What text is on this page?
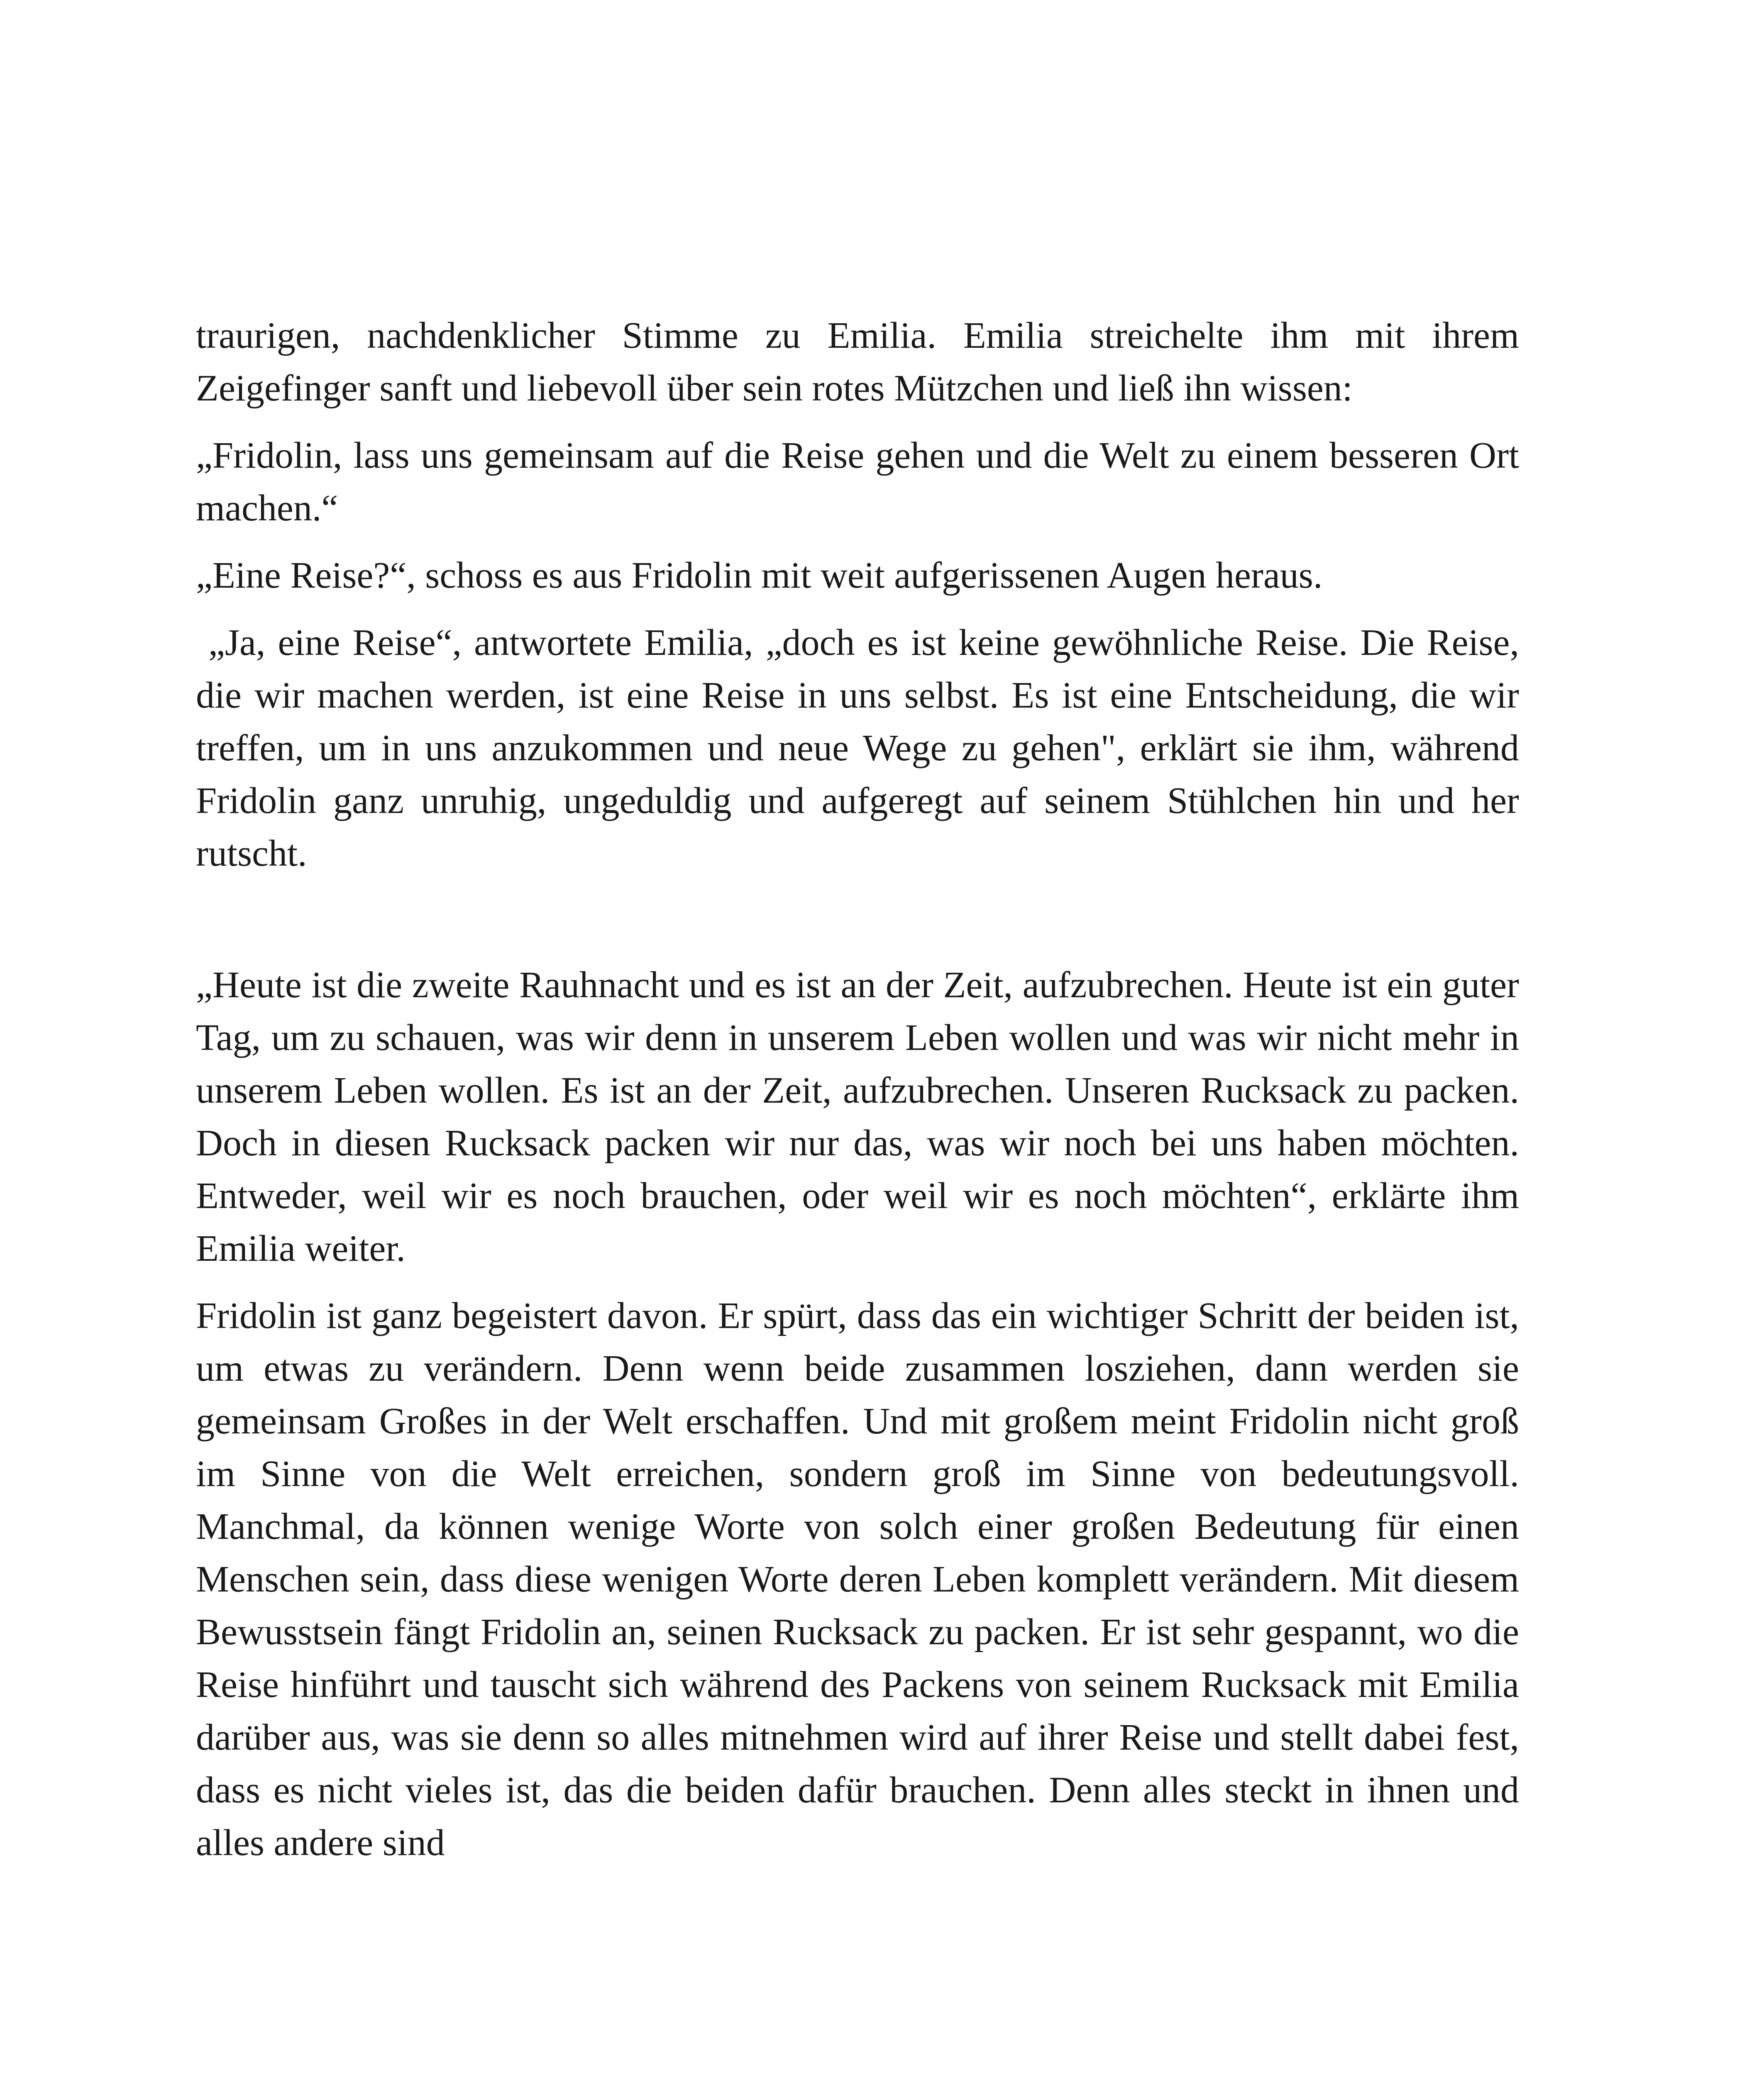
traurigen, nachdenklicher Stimme zu Emilia. Emilia streichelte ihm mit ihrem Zeigefinger sanft und liebevoll über sein rotes Mützchen und ließ ihn wissen:

„Fridolin, lass uns gemeinsam auf die Reise gehen und die Welt zu einem besseren Ort machen.“

„Eine Reise?“, schoss es aus Fridolin mit weit aufgerissenen Augen heraus.

„Ja, eine Reise“, antwortete Emilia, „doch es ist keine gewöhnliche Reise. Die Reise, die wir machen werden, ist eine Reise in uns selbst. Es ist eine Entscheidung, die wir treffen, um in uns anzukommen und neue Wege zu gehen", erklärt sie ihm, während Fridolin ganz unruhig, ungeduldig und aufgeregt auf seinem Stühlchen hin und her rutscht.

„Heute ist die zweite Rauhnacht und es ist an der Zeit, aufzubrechen. Heute ist ein guter Tag, um zu schauen, was wir denn in unserem Leben wollen und was wir nicht mehr in unserem Leben wollen. Es ist an der Zeit, aufzubrechen. Unseren Rucksack zu packen. Doch in diesen Rucksack packen wir nur das, was wir noch bei uns haben möchten. Entweder, weil wir es noch brauchen, oder weil wir es noch möchten“, erklärte ihm Emilia weiter.

Fridolin ist ganz begeistert davon. Er spürt, dass das ein wichtiger Schritt der beiden ist, um etwas zu verändern. Denn wenn beide zusammen losziehen, dann werden sie gemeinsam Großes in der Welt erschaffen. Und mit großem meint Fridolin nicht groß im Sinne von die Welt erreichen, sondern groß im Sinne von bedeutungsvoll. Manchmal, da können wenige Worte von solch einer großen Bedeutung für einen Menschen sein, dass diese wenigen Worte deren Leben komplett verändern. Mit diesem Bewusstsein fängt Fridolin an, seinen Rucksack zu packen. Er ist sehr gespannt, wo die Reise hinführt und tauscht sich während des Packens von seinem Rucksack mit Emilia darüber aus, was sie denn so alles mitnehmen wird auf ihrer Reise und stellt dabei fest, dass es nicht vieles ist, das die beiden dafür brauchen. Denn alles steckt in ihnen und alles andere sind
